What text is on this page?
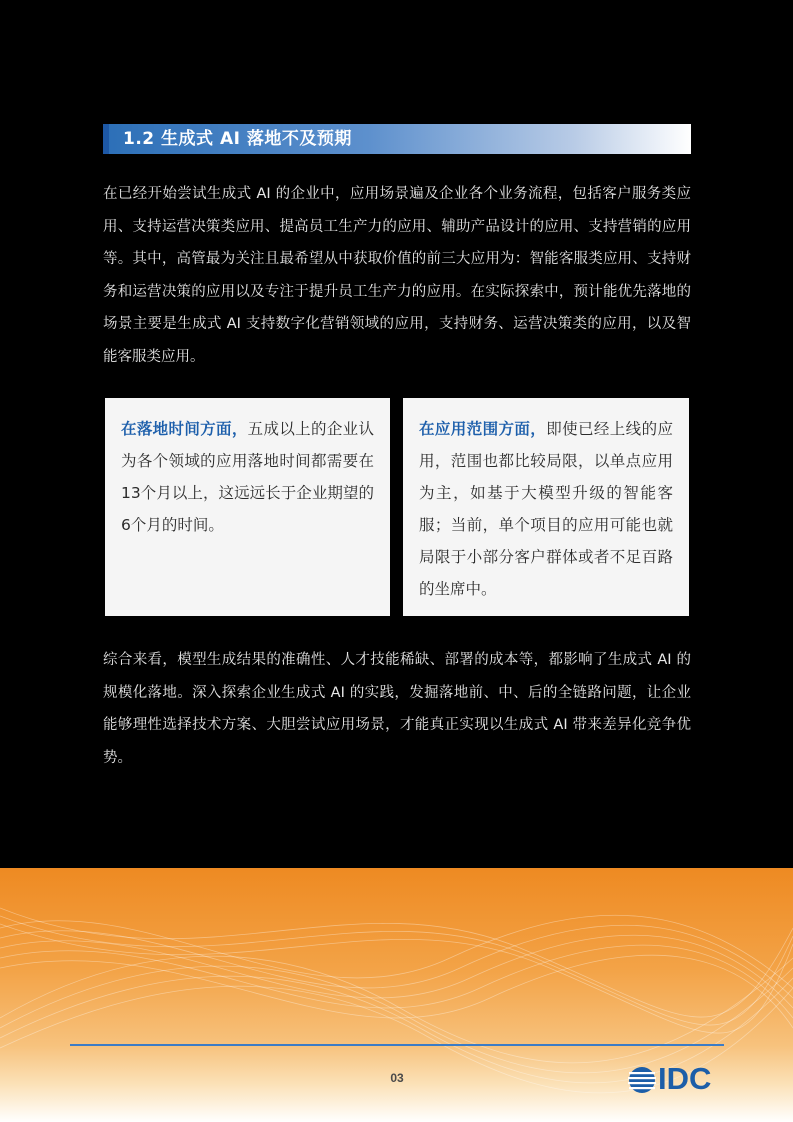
1.2 生成式 AI 落地不及预期

在已经开始尝试生成式 AI 的企业中，应用场景遍及企业各个业务流程，包括客户服务类应用、支持运营决策类应用、提高员工生产力的应用、辅助产品设计的应用、支持营销的应用等。其中，高管最为关注且最希望从中获取价值的前三大应用为：智能客服类应用、支持财务和运营决策的应用以及专注于提升员工生产力的应用。在实际探索中，预计能优先落地的场景主要是生成式 AI 支持数字化营销领域的应用，支持财务、运营决策类的应用，以及智能客服类应用。

在落地时间方面，五成以上的企业认为各个领域的应用落地时间都需要在13个月以上，这远远长于企业期望的6个月的时间。

在应用范围方面，即使已经上线的应用，范围也都比较局限，以单点应用为主，如基于大模型升级的智能客服；当前，单个项目的应用可能也就局限于小部分客户群体或者不足百路的坐席中。

综合来看，模型生成结果的准确性、人才技能稀缺、部署的成本等，都影响了生成式 AI 的规模化落地。深入探索企业生成式 AI 的实践，发掘落地前、中、后的全链路问题，让企业能够理性选择技术方案、大胆尝试应用场景，才能真正实现以生成式 AI 带来差异化竞争优势。

03	IDC
